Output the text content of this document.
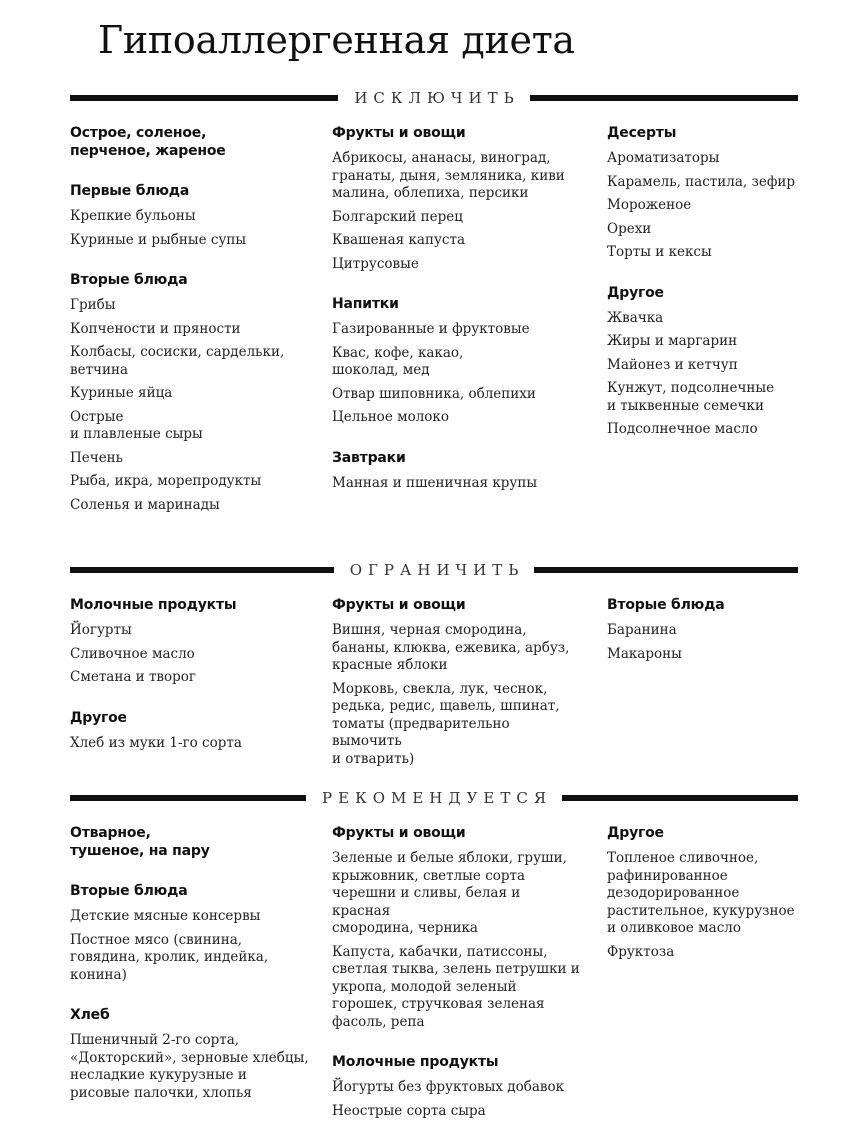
Гипоаллергенная диета
ИСКЛЮЧИТЬ
Острое, соленое,
перченое, жареное
Первые блюда
Крепкие бульоны
Куриные и рыбные супы
Вторые блюда
Грибы
Копчености и пряности
Колбасы, сосиски, сардельки,
ветчина
Куриные яйца
Острые
и плавленые сыры
Печень
Рыба, икра, морепродукты
Соленья и маринады
Фрукты и овощи
Абрикосы, ананасы, виноград,
гранаты, дыня, земляника, киви
малина, облепиха, персики
Болгарский перец
Квашеная капуста
Цитрусовые
Напитки
Газированные и фруктовые
Квас, кофе, какао,
шоколад, мед
Отвар шиповника, облепихи
Цельное молоко
Завтраки
Манная и пшеничная крупы
Десерты
Ароматизаторы
Карамель, пастила, зефир
Мороженое
Орехи
Торты и кексы
Другое
Жвачка
Жиры и маргарин
Майонез и кетчуп
Кунжут, подсолнечные
и тыквенные семечки
Подсолнечное масло
ОГРАНИЧИТЬ
Молочные продукты
Йогурты
Сливочное масло
Сметана и творог
Другое
Хлеб из муки 1-го сорта
Фрукты и овощи
Вишня, черная смородина,
бананы, клюква, ежевика, арбуз,
красные яблоки
Морковь, свекла, лук, чеснок,
редька, редис, щавель, шпинат,
томаты (предварительно вымочить
и отварить)
Вторые блюда
Баранина
Макароны
РЕКОМЕНДУЕТСЯ
Отварное,
тушеное, на пару
Вторые блюда
Детские мясные консервы
Постное мясо (свинина,
говядина, кролик, индейка,
конина)
Хлеб
Пшеничный 2-го сорта,
«Докторский», зерновые хлебцы,
несладкие кукурузные и
рисовые палочки, хлопья
Фрукты и овощи
Зеленые и белые яблоки, груши,
крыжовник, светлые сорта
черешни и сливы, белая и красная
смородина, черника
Капуста, кабачки, патиссоны,
светлая тыква, зелень петрушки и
укропа, молодой зеленый
горошек, стручковая зеленая
фасоль, репа
Молочные продукты
Йогурты без фруктовых добавок
Неострые сорта сыра
Другое
Топленое сливочное,
рафинированное
дезодорированное
растительное, кукурузное
и оливковое масло
Фруктоза
